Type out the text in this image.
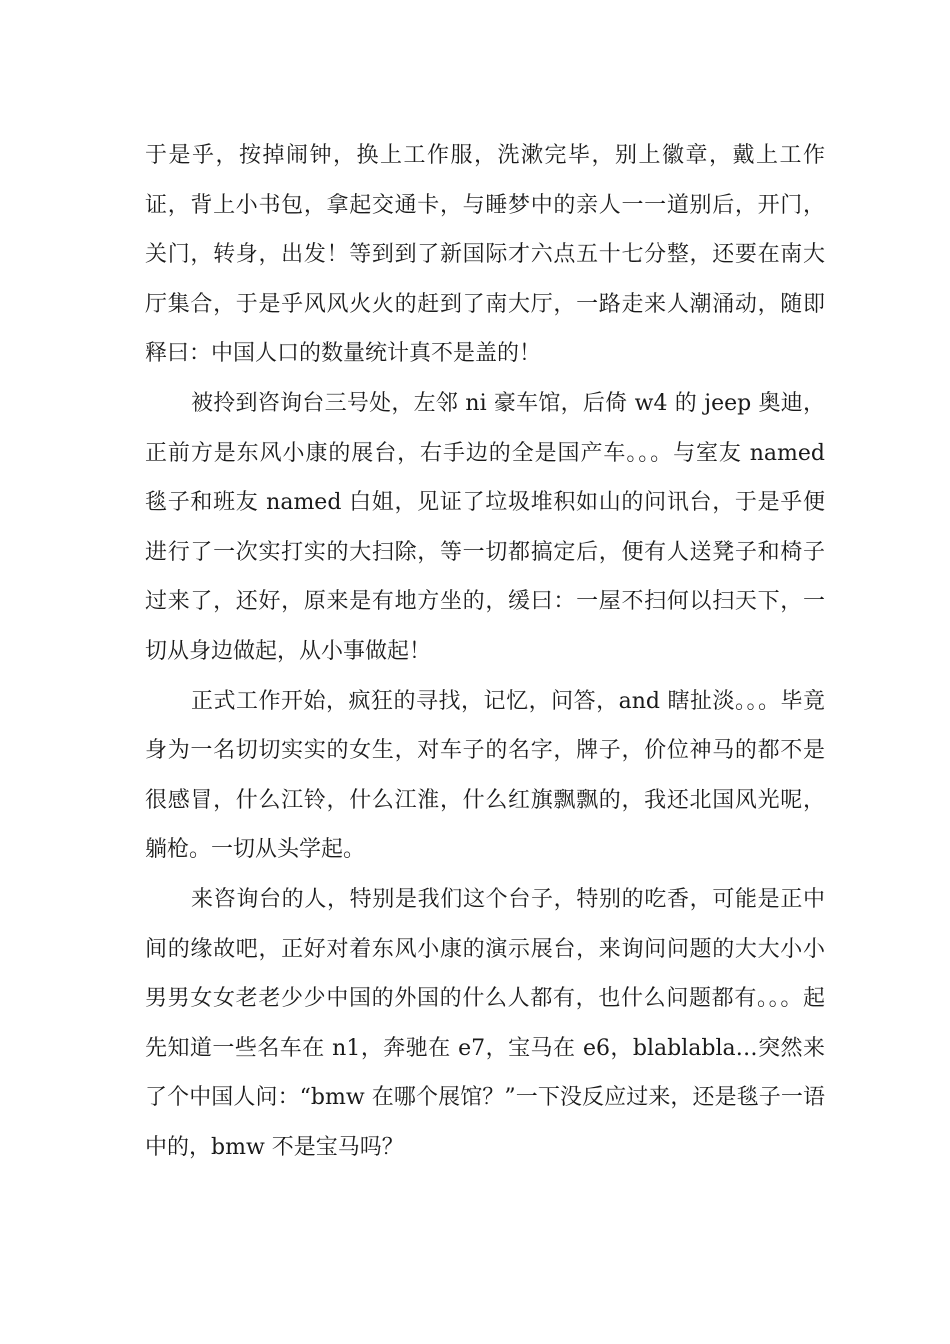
于是乎，按掉闹钟，换上工作服，洗漱完毕，别上徽章，戴上工作证，背上小书包，拿起交通卡，与睡梦中的亲人一一道别后，开门，关门，转身，出发！等到到了新国际才六点五十七分整，还要在南大厅集合，于是乎风风火火的赶到了南大厅，一路走来人潮涌动，随即释曰：中国人口的数量统计真不是盖的！

被拎到咨询台三号处，左邻 ni 豪车馆，后倚 w4 的 jeep 奥迪，正前方是东风小康的展台，右手边的全是国产车。。。与室友 named 毯子和班友 named 白姐，见证了垃圾堆积如山的问讯台，于是乎便进行了一次实打实的大扫除，等一切都搞定后，便有人送凳子和椅子过来了，还好，原来是有地方坐的，缓曰：一屋不扫何以扫天下，一切从身边做起，从小事做起！

正式工作开始，疯狂的寻找，记忆，问答，and 瞎扯淡。。。毕竟身为一名切切实实的女生，对车子的名字，牌子，价位神马的都不是很感冒，什么江铃，什么江淮，什么红旗飘飘的，我还北国风光呢，躺枪。一切从头学起。

来咨询台的人，特别是我们这个台子，特别的吃香，可能是正中间的缘故吧，正好对着东风小康的演示展台，来询问问题的大大小小男男女女老老少少中国的外国的什么人都有，也什么问题都有。。。起先知道一些名车在 n1，奔驰在 e7，宝马在 e6，blablabla…突然来了个中国人问：“bmw 在哪个展馆？”一下没反应过来，还是毯子一语中的，bmw 不是宝马吗？
